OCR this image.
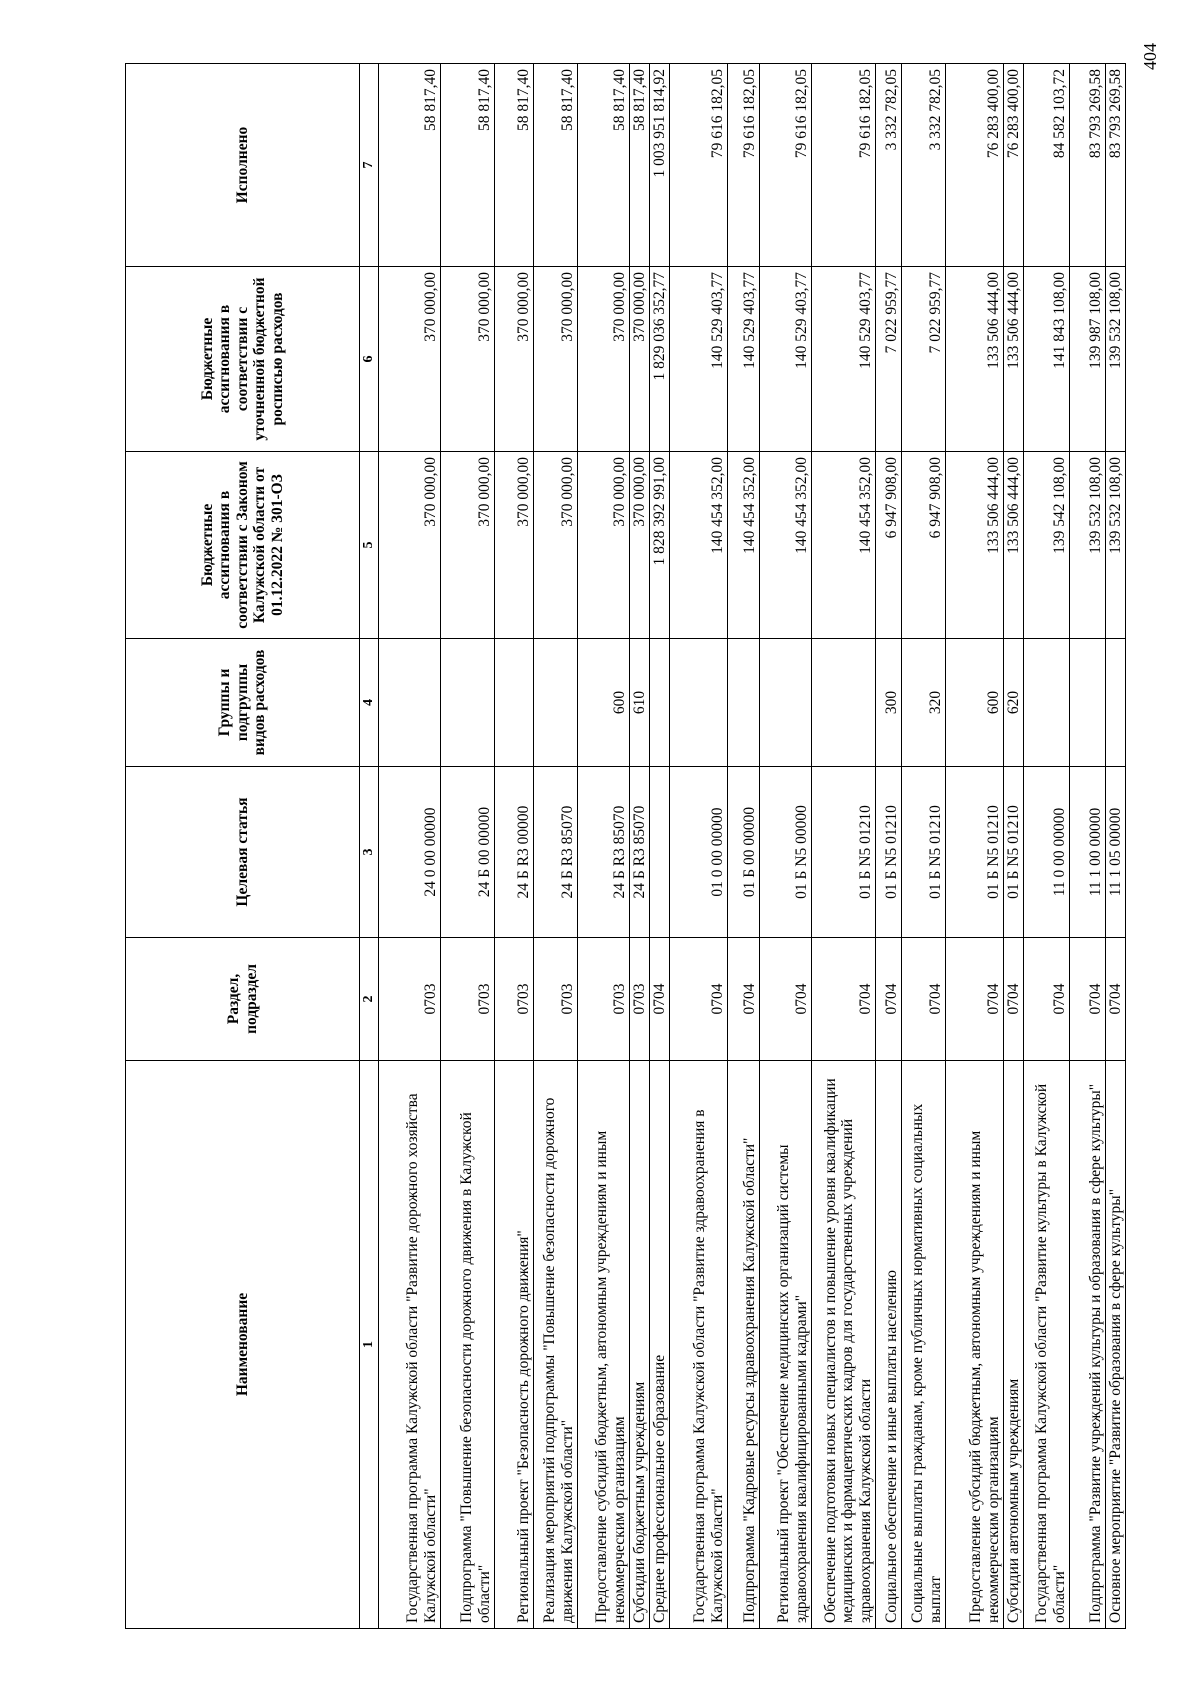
404
Наименование	Раздел, подраздел	Целевая статья	Группы и подгруппы видов расходов	Бюджетные ассигнования в соответствии с Законом Калужской области от 01.12.2022 № 301-ОЗ	Бюджетные ассигнования в соответствии с уточненной бюджетной росписью расходов	Исполнено
1	2	3	4	5	6	7
Государственная программа Калужской области "Развитие дорожного хозяйства Калужской области"	0703	24 0 00 00000		370 000,00	370 000,00	58 817,40
Подпрограмма "Повышение безопасности дорожного движения в Калужской области"	0703	24 Б 00 00000		370 000,00	370 000,00	58 817,40
Региональный проект "Безопасность дорожного движения"	0703	24 Б R3 00000		370 000,00	370 000,00	58 817,40
Реализация мероприятий подпрограммы "Повышение безопасности дорожного движения Калужской области"	0703	24 Б R3 85070		370 000,00	370 000,00	58 817,40
Предоставление субсидий бюджетным, автономным учреждениям и иным некоммерческим организациям	0703	24 Б R3 85070	600	370 000,00	370 000,00	58 817,40
Субсидии бюджетным учреждениям	0703	24 Б R3 85070	610	370 000,00	370 000,00	58 817,40
Среднее профессиональное образование	0704			1 828 392 991,00	1 829 036 352,77	1 003 951 814,92
Государственная программа Калужской области "Развитие здравоохранения в Калужской области"	0704	01 0 00 00000		140 454 352,00	140 529 403,77	79 616 182,05
Подпрограмма "Кадровые ресурсы здравоохранения Калужской области"	0704	01 Б 00 00000		140 454 352,00	140 529 403,77	79 616 182,05
Региональный проект "Обеспечение медицинских организаций системы здравоохранения квалифицированными кадрами"	0704	01 Б N5 00000		140 454 352,00	140 529 403,77	79 616 182,05
Обеспечение подготовки новых специалистов и повышение уровня квалификации медицинских и фармацевтических кадров для государственных учреждений здравоохранения Калужской области	0704	01 Б N5 01210		140 454 352,00	140 529 403,77	79 616 182,05
Социальное обеспечение и иные выплаты населению	0704	01 Б N5 01210	300	6 947 908,00	7 022 959,77	3 332 782,05
Социальные выплаты гражданам, кроме публичных нормативных социальных выплат	0704	01 Б N5 01210	320	6 947 908,00	7 022 959,77	3 332 782,05
Предоставление субсидий бюджетным, автономным учреждениям и иным некоммерческим организациям	0704	01 Б N5 01210	600	133 506 444,00	133 506 444,00	76 283 400,00
Субсидии автономным учреждениям	0704	01 Б N5 01210	620	133 506 444,00	133 506 444,00	76 283 400,00
Государственная программа Калужской области "Развитие культуры в Калужской области"	0704	11 0 00 00000		139 542 108,00	141 843 108,00	84 582 103,72
Подпрограмма "Развитие учреждений культуры и образования в сфере культуры"	0704	11 1 00 00000		139 532 108,00	139 987 108,00	83 793 269,58
Основное мероприятие "Развитие образования в сфере культуры"	0704	11 1 05 00000		139 532 108,00	139 532 108,00	83 793 269,58
